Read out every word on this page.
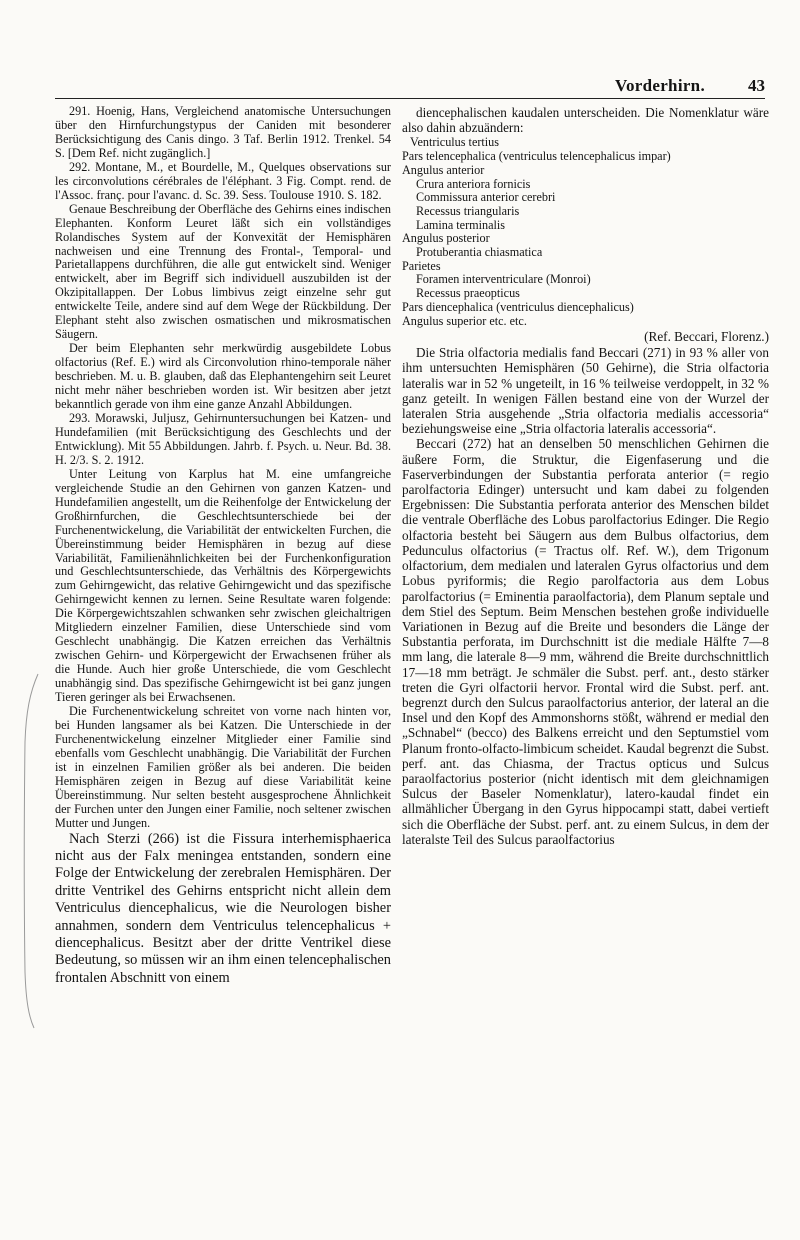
Vorderhirn.	43

291. Hoenig, Hans, Vergleichend anatomische Untersuchungen über den Hirnfurchungstypus der Caniden mit besonderer Berücksichtigung des Canis dingo. 3 Taf. Berlin 1912. Trenkel. 54 S. [Dem Ref. nicht zugänglich.]

292. Montane, M., et Bourdelle, M., Quelques observations sur les circonvolutions cérébrales de l'éléphant. 3 Fig. Compt. rend. de l'Assoc. franç. pour l'avanc. d. Sc. 39. Sess. Toulouse 1910. S. 182.

Genaue Beschreibung der Oberfläche des Gehirns eines indischen Elephanten. Konform Leuret läßt sich ein vollständiges Rolandisches System auf der Konvexität der Hemisphären nachweisen und eine Trennung des Frontal-, Temporal- und Parietallappens durchführen, die alle gut entwickelt sind. Weniger entwickelt, aber im Begriff sich individuell auszubilden ist der Okzipitallappen. Der Lobus limbivus zeigt einzelne sehr gut entwickelte Teile, andere sind auf dem Wege der Rückbildung. Der Elephant steht also zwischen osmatischen und mikrosmatischen Säugern.

Der beim Elephanten sehr merkwürdig ausgebildete Lobus olfactorius (Ref. E.) wird als Circonvolution rhino-temporale näher beschrieben. M. u. B. glauben, daß das Elephantengehirn seit Leuret nicht mehr näher beschrieben worden ist. Wir besitzen aber jetzt bekanntlich gerade von ihm eine ganze Anzahl Abbildungen.

293. Morawski, Juljusz, Gehirnuntersuchungen bei Katzen- und Hundefamilien (mit Berücksichtigung des Geschlechts und der Entwicklung). Mit 55 Abbildungen. Jahrb. f. Psych. u. Neur. Bd. 38. H. 2/3. S. 2. 1912.

Unter Leitung von Karplus hat M. eine umfangreiche vergleichende Studie an den Gehirnen von ganzen Katzen- und Hundefamilien angestellt, um die Reihenfolge der Entwickelung der Großhirnfurchen, die Geschlechtsunterschiede bei der Furchenentwickelung, die Variabilität der entwickelten Furchen, die Übereinstimmung beider Hemisphären in bezug auf diese Variabilität, Familienähnlichkeiten bei der Furchenkonfiguration und Geschlechtsunterschiede, das Verhältnis des Körpergewichts zum Gehirngewicht, das relative Gehirngewicht und das spezifische Gehirngewicht kennen zu lernen. Seine Resultate waren folgende: Die Körpergewichtszahlen schwanken sehr zwischen gleichaltrigen Mitgliedern einzelner Familien, diese Unterschiede sind vom Geschlecht unabhängig. Die Katzen erreichen das Verhältnis zwischen Gehirn- und Körpergewicht der Erwachsenen früher als die Hunde. Auch hier große Unterschiede, die vom Geschlecht unabhängig sind. Das spezifische Gehirngewicht ist bei ganz jungen Tieren geringer als bei Erwachsenen.

Die Furchenentwickelung schreitet von vorne nach hinten vor, bei Hunden langsamer als bei Katzen. Die Unterschiede in der Furchenentwickelung einzelner Mitglieder einer Familie sind ebenfalls vom Geschlecht unabhängig. Die Variabilität der Furchen ist in einzelnen Familien größer als bei anderen. Die beiden Hemisphären zeigen in Bezug auf diese Variabilität keine Übereinstimmung. Nur selten besteht ausgesprochene Ähnlichkeit der Furchen unter den Jungen einer Familie, noch seltener zwischen Mutter und Jungen.

Nach Sterzi (266) ist die Fissura interhemisphaerica nicht aus der Falx meningea entstanden, sondern eine Folge der Entwickelung der zerebralen Hemisphären. Der dritte Ventrikel des Gehirns entspricht nicht allein dem Ventriculus diencephalicus, wie die Neurologen bisher annahmen, sondern dem Ventriculus telencephalicus + diencephalicus. Besitzt aber der dritte Ventrikel diese Bedeutung, so müssen wir an ihm einen telencephalischen frontalen Abschnitt von einem

diencephalischen kaudalen unterscheiden. Die Nomenklatur wäre also dahin abzuändern:

Ventriculus tertius
Pars telencephalica (ventriculus telencephalicus impar)
Angulus anterior
Crura anteriora fornicis
Commissura anterior cerebri
Recessus triangularis
Lamina terminalis
Angulus posterior
Protuberantia chiasmatica
Parietes
Foramen interventriculare (Monroi)
Recessus praeopticus
Pars diencephalica (ventriculus diencephalicus)
Angulus superior etc. etc.
(Ref. Beccari, Florenz.)

Die Stria olfactoria medialis fand Beccari (271) in 93 % aller von ihm untersuchten Hemisphären (50 Gehirne), die Stria olfactoria lateralis war in 52 % ungeteilt, in 16 % teilweise verdoppelt, in 32 % ganz geteilt. In wenigen Fällen bestand eine von der Wurzel der lateralen Stria ausgehende „Stria olfactoria medialis accessoria“ beziehungsweise eine „Stria olfactoria lateralis accessoria“.

Beccari (272) hat an denselben 50 menschlichen Gehirnen die äußere Form, die Struktur, die Eigenfaserung und die Faserverbindungen der Substantia perforata anterior (= regio parolfactoria Edinger) untersucht und kam dabei zu folgenden Ergebnissen: Die Substantia perforata anterior des Menschen bildet die ventrale Oberfläche des Lobus parolfactorius Edinger. Die Regio olfactoria besteht bei Säugern aus dem Bulbus olfactorius, dem Pedunculus olfactorius (= Tractus olf. Ref. W.), dem Trigonum olfactorium, dem medialen und lateralen Gyrus olfactorius und dem Lobus pyriformis; die Regio parolfactoria aus dem Lobus parolfactorius (= Eminentia paraolfactoria), dem Planum septale und dem Stiel des Septum. Beim Menschen bestehen große individuelle Variationen in Bezug auf die Breite und besonders die Länge der Substantia perforata, im Durchschnitt ist die mediale Hälfte 7—8 mm lang, die laterale 8—9 mm, während die Breite durchschnittlich 17—18 mm beträgt. Je schmäler die Subst. perf. ant., desto stärker treten die Gyri olfactorii hervor. Frontal wird die Subst. perf. ant. begrenzt durch den Sulcus paraolfactorius anterior, der lateral an die Insel und den Kopf des Ammonshorns stößt, während er medial den „Schnabel“ (becco) des Balkens erreicht und den Septumstiel vom Planum fronto-olfacto-limbicum scheidet. Kaudal begrenzt die Subst. perf. ant. das Chiasma, der Tractus opticus und Sulcus paraolfactorius posterior (nicht identisch mit dem gleichnamigen Sulcus der Baseler Nomenklatur), latero-kaudal findet ein allmählicher Übergang in den Gyrus hippocampi statt, dabei vertieft sich die Oberfläche der Subst. perf. ant. zu einem Sulcus, in dem der lateralste Teil des Sulcus paraolfactorius
